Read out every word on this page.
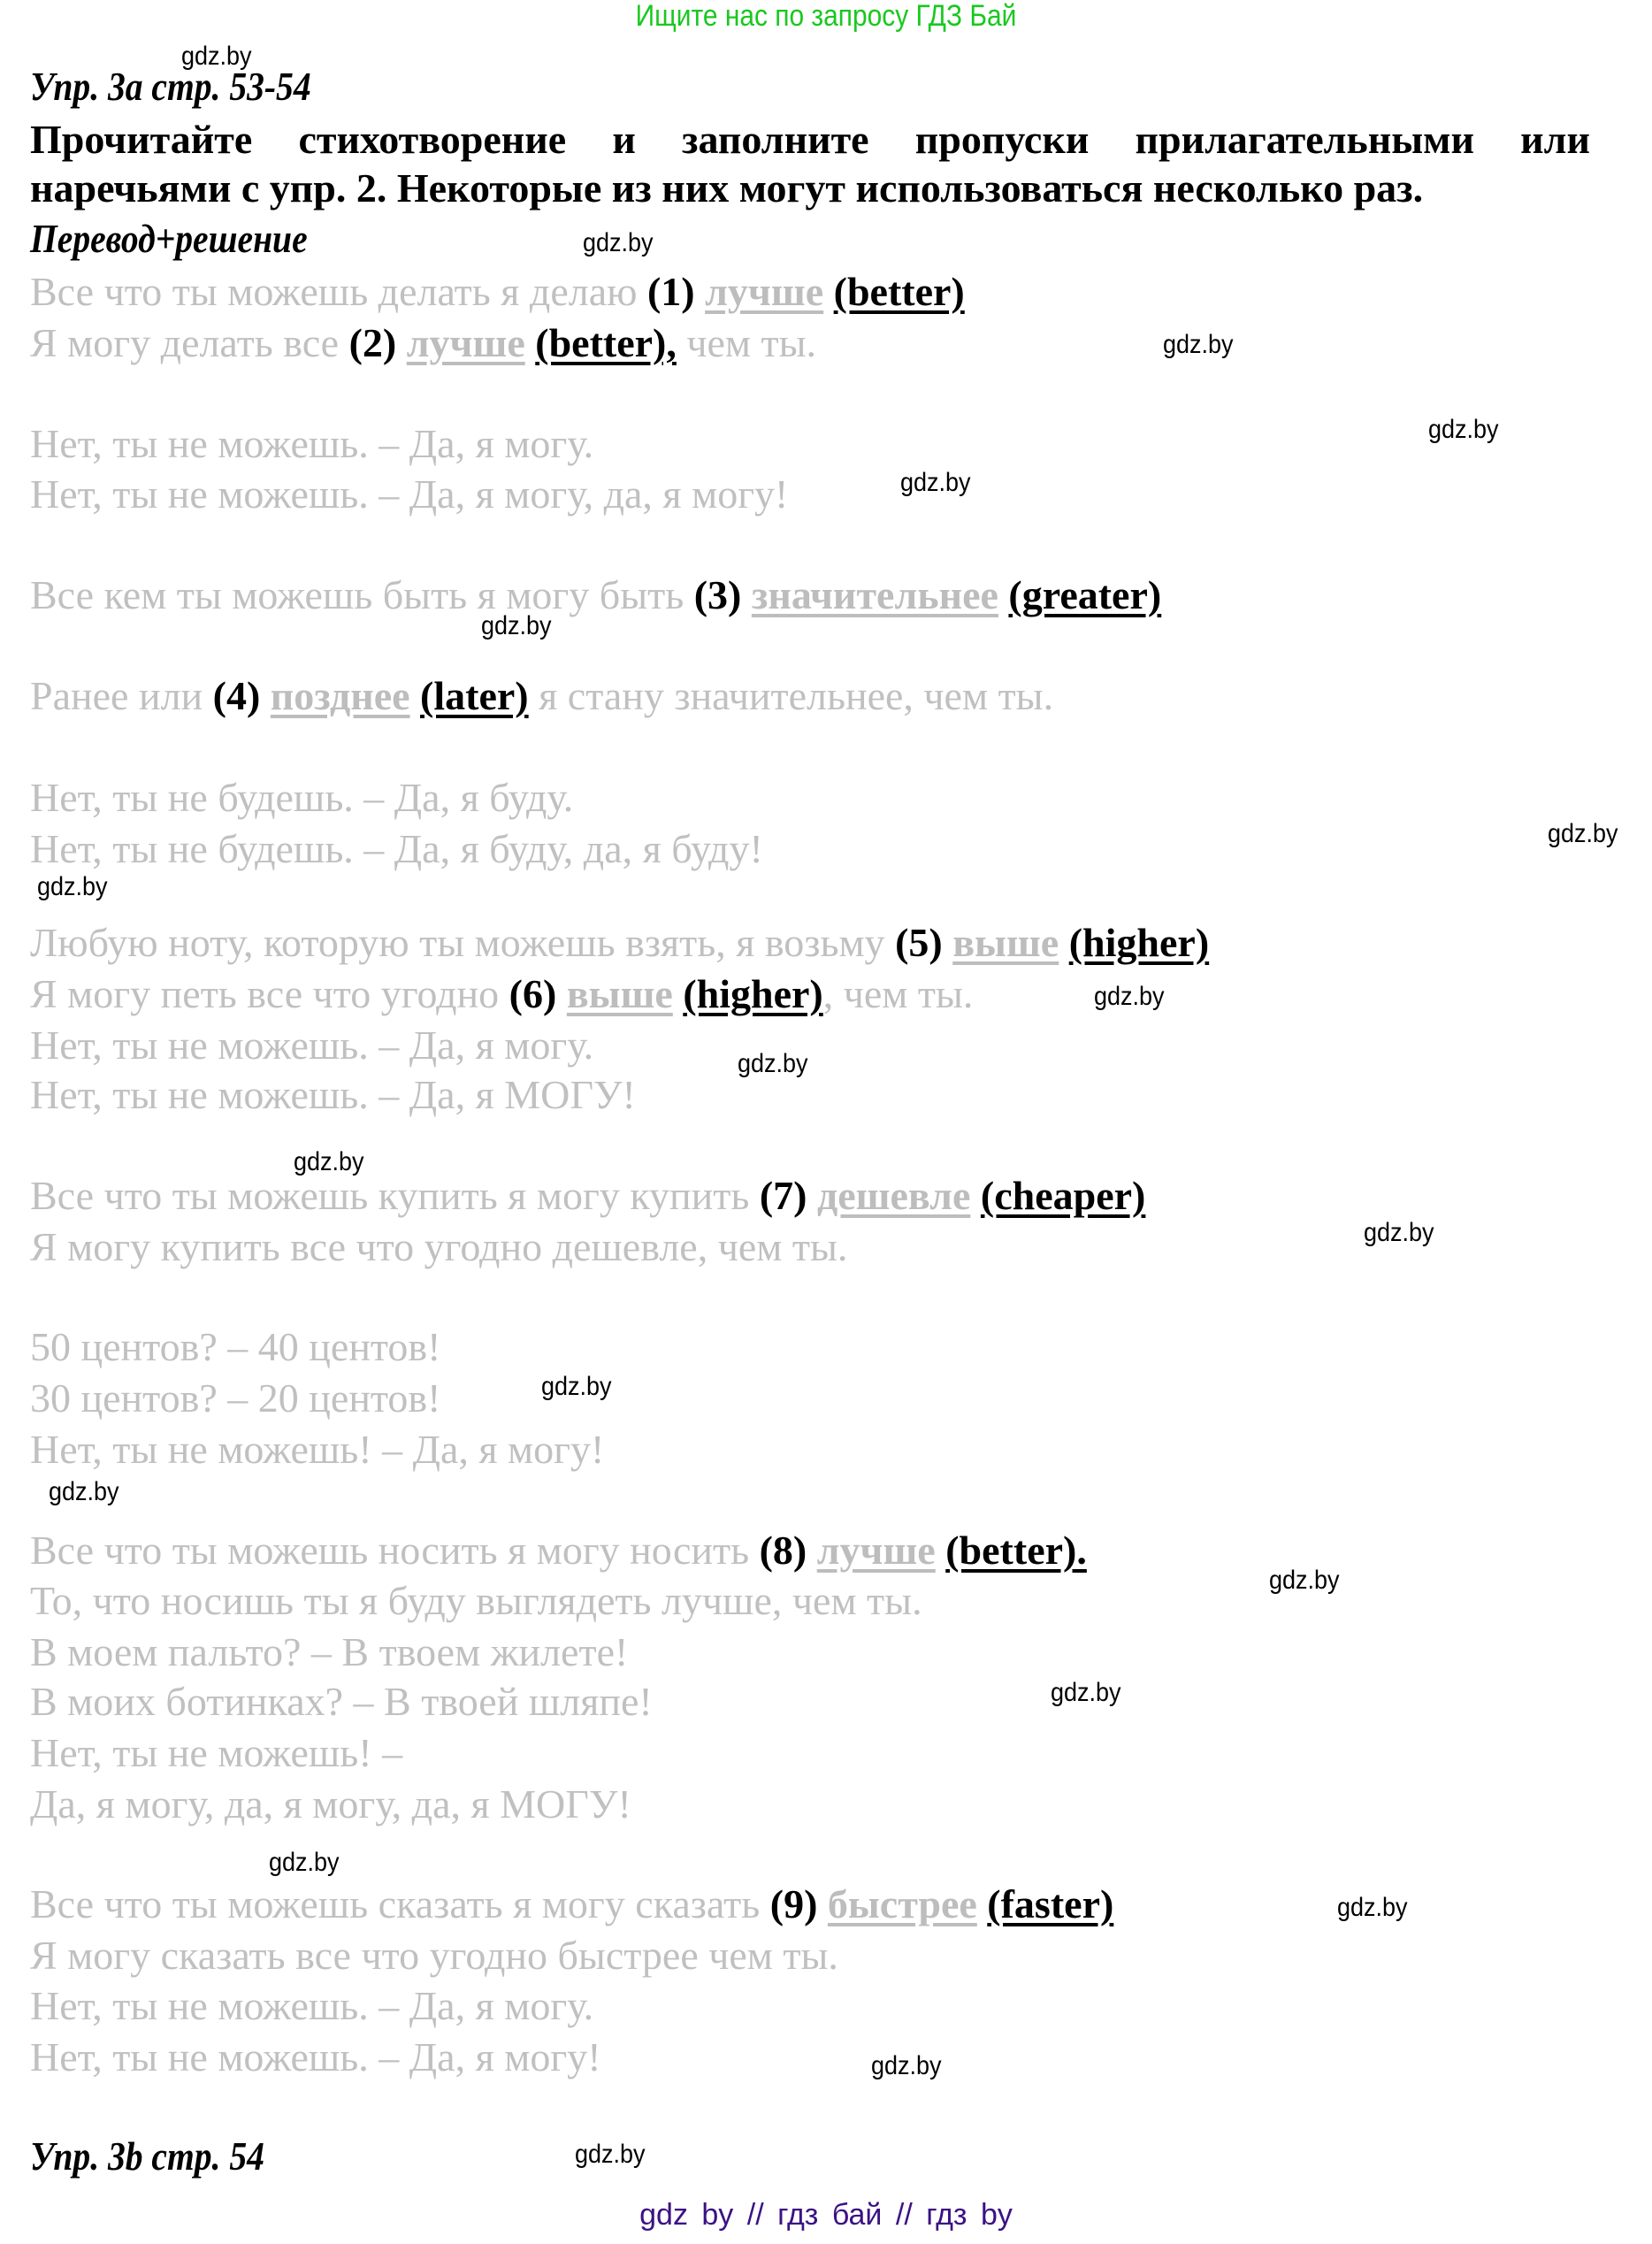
Ищите нас по запросу ГДЗ Бай
Упр. 3а стр. 53-54
Прочитайте стихотворение и заполните пропуски прилагательными или
наречьями с упр. 2. Некоторые из них могут использоваться несколько раз.
Перевод+решение
Все что ты можешь делать я делаю (1) лучше (better)
Я могу делать все (2) лучше (better), чем ты.
Нет, ты не можешь. – Да, я могу.
Нет, ты не можешь. – Да, я могу, да, я могу!
Все кем ты можешь быть я могу быть (3) значительнее (greater)
Ранее или (4) позднее (later) я стану значительнее, чем ты.
Нет, ты не будешь. – Да, я буду.
Нет, ты не будешь. – Да, я буду, да, я буду!
Любую ноту, которую ты можешь взять, я возьму (5) выше (higher)
Я могу петь все что угодно (6) выше (higher), чем ты.
Нет, ты не можешь. – Да, я могу.
Нет, ты не можешь. – Да, я МОГУ!
Все что ты можешь купить я могу купить (7) дешевле (cheaper)
Я могу купить все что угодно дешевле, чем ты.
50 центов? – 40 центов!
30 центов? – 20 центов!
Нет, ты не можешь! – Да, я могу!
Все что ты можешь носить я могу носить (8) лучше (better).
То, что носишь ты я буду выглядеть лучше, чем ты.
В моем пальто? – В твоем жилете!
В моих ботинках? – В твоей шляпе!
Нет, ты не можешь! –
Да, я могу, да, я могу, да, я МОГУ!
Все что ты можешь сказать я могу сказать (9) быстрее (faster)
Я могу сказать все что угодно быстрее чем ты.
Нет, ты не можешь. – Да, я могу.
Нет, ты не можешь. – Да, я могу!
Упр. 3b стр. 54
gdz.by
gdz.by
gdz.by
gdz.by
gdz.by
gdz.by
gdz.by
gdz.by
gdz.by
gdz.by
gdz.by
gdz.by
gdz.by
gdz.by
gdz.by
gdz.by
gdz.by
gdz.by
gdz.by
gdz.by
gdz by // гдз бай // гдз by
